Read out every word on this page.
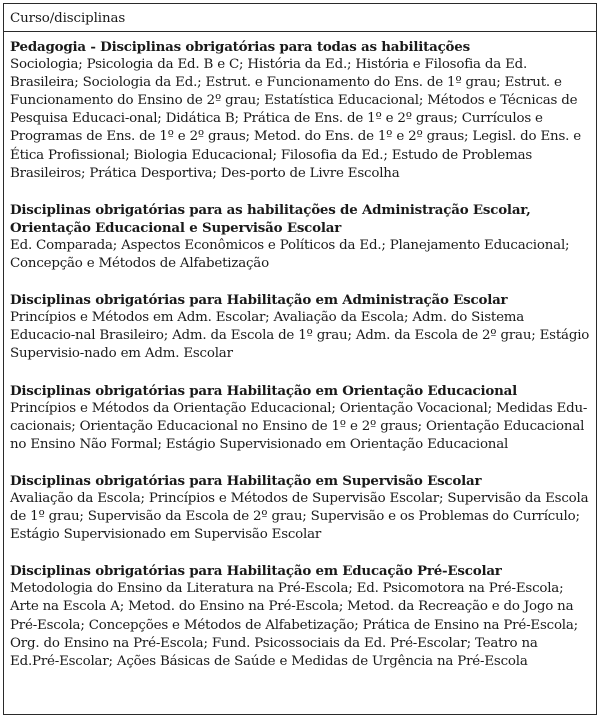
Curso/disciplinas
Pedagogia - Disciplinas obrigatórias para todas as habilitações
Sociologia; Psicologia da Ed. B e C; História da Ed.; História e Filosofia da Ed. Brasileira; Sociologia da Ed.; Estrut. e Funcionamento do Ens. de 1º grau; Estrut. e Funcionamento do Ensino de 2º grau; Estatística Educacional; Métodos e Técnicas de Pesquisa Educaci-onal; Didática B; Prática de Ens. de 1º e 2º graus; Currículos e Programas de Ens. de 1º e 2º graus; Metod. do Ens. de 1º e 2º graus; Legisl. do Ens. e Ética Profissional; Biologia Educacional; Filosofia da Ed.; Estudo de Problemas Brasileiros; Prática Desportiva; Des-porto de Livre Escolha
Disciplinas obrigatórias para as habilitações de Administração Escolar, Orientação Educacional e Supervisão Escolar
Ed. Comparada; Aspectos Econômicos e Políticos da Ed.; Planejamento Educacional; Concepção e Métodos de Alfabetização
Disciplinas obrigatórias para Habilitação em Administração Escolar
Princípios e Métodos em Adm. Escolar; Avaliação da Escola; Adm. do Sistema Educacio-nal Brasileiro; Adm. da Escola de 1º grau; Adm. da Escola de 2º grau; Estágio Supervisio-nado em Adm. Escolar
Disciplinas obrigatórias para Habilitação em Orientação Educacional
Princípios e Métodos da Orientação Educacional; Orientação Vocacional; Medidas Edu-cacionais; Orientação Educacional no Ensino de 1º e 2º graus; Orientação Educacional no Ensino Não Formal; Estágio Supervisionado em Orientação Educacional
Disciplinas obrigatórias para Habilitação em Supervisão Escolar
Avaliação da Escola; Princípios e Métodos de Supervisão Escolar; Supervisão da Escola de 1º grau; Supervisão da Escola de 2º grau; Supervisão e os Problemas do Currículo; Estágio Supervisionado em Supervisão Escolar
Disciplinas obrigatórias para Habilitação em Educação Pré-Escolar
Metodologia do Ensino da Literatura na Pré-Escola; Ed. Psicomotora na Pré-Escola; Arte na Escola A; Metod. do Ensino na Pré-Escola; Metod. da Recreação e do Jogo na Pré-Escola; Concepções e Métodos de Alfabetização; Prática de Ensino na Pré-Escola; Org. do Ensino na Pré-Escola; Fund. Psicossociais da Ed. Pré-Escolar; Teatro na Ed.Pré-Escolar; Ações Básicas de Saúde e Medidas de Urgência na Pré-Escola
